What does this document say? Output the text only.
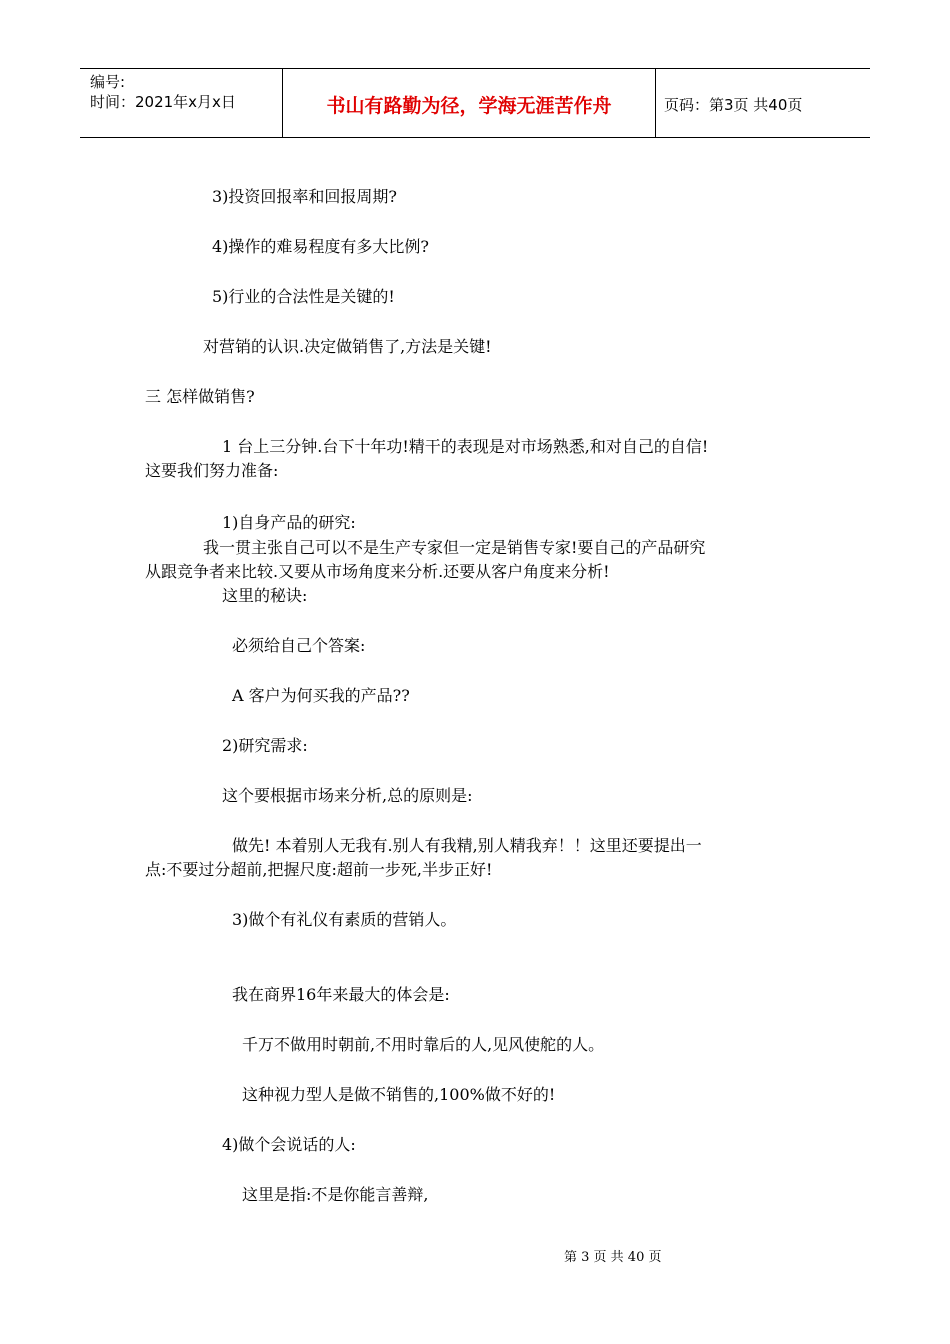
编号:
时间：2021年x月x日	书山有路勤为径，学海无涯苦作舟	页码：第3页 共40页
3)投资回报率和回报周期?
4)操作的难易程度有多大比例?
5)行业的合法性是关键的!
对营销的认识.决定做销售了,方法是关键!
三 怎样做销售?
1 台上三分钟.台下十年功!精干的表现是对市场熟悉,和对自己的自信!
这要我们努力准备:
1)自身产品的研究:
我一贯主张自己可以不是生产专家但一定是销售专家!要自己的产品研究
从跟竞争者来比较.又要从市场角度来分析.还要从客户角度来分析!
这里的秘诀:
必须给自己个答案:
A 客户为何买我的产品??
2)研究需求:
这个要根据市场来分析,总的原则是:
做先! 本着别人无我有.别人有我精,别人精我弃！！这里还要提出一
点:不要过分超前,把握尺度:超前一步死,半步正好!
3)做个有礼仪有素质的营销人。
我在商界16年来最大的体会是:
千万不做用时朝前,不用时靠后的人,见风使舵的人。
这种视力型人是做不销售的,100%做不好的!
4)做个会说话的人:
这里是指:不是你能言善辩,
第 3 页 共 40 页
